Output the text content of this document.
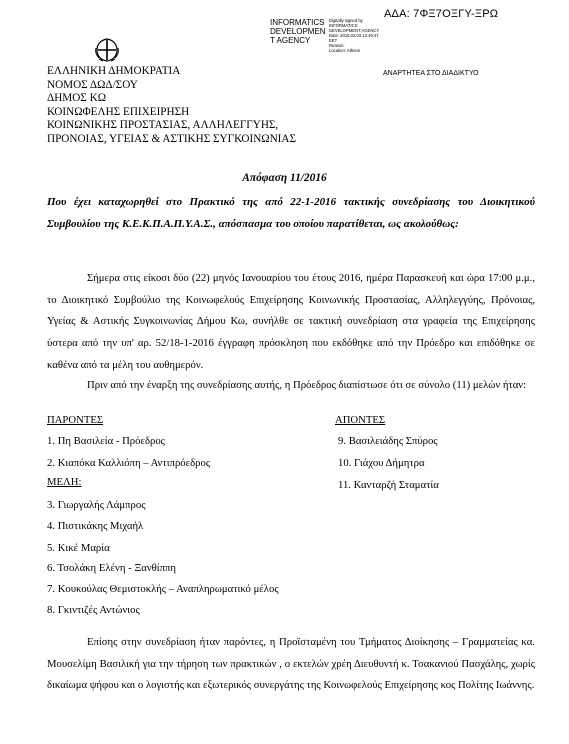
ΑΔΑ: 7ΦΞ7ΟΞΓΥ-ΞΡΩ
INFORMATICS
DEVELOPMEN
T AGENCY
Digitally signed by
INFORMATICS
DEVELOPMENT AGENCY
Date: 2016.02.03 12:46:47
EET
Reason:
Location: Athens
ΕΛΛΗΝΙΚΗ ΔΗΜΟΚΡΑΤΙΑ
ΝΟΜΟΣ ΔΩΔ/ΣΟΥ
ΔΗΜΟΣ ΚΩ
ΚΟΙΝΩΦΕΛΗΣ ΕΠΙΧΕΙΡΗΣΗ
ΚΟΙΝΩΝΙΚΗΣ ΠΡΟΣΤΑΣΙΑΣ, ΑΛΛΗΛΕΓΓΥΗΣ,
ΠΡΟΝΟΙΑΣ, ΥΓΕΙΑΣ & ΑΣΤΙΚΗΣ ΣΥΓΚΟΙΝΩΝΙΑΣ
ΑΝΑΡΤΗΤΕΑ ΣΤΟ ΔΙΑΔΙΚΤΥΟ
Απόφαση 11/2016
Που έχει καταχωρηθεί στο Πρακτικό της από 22-1-2016 τακτικής συνεδρίασης του Διοικητικού Συμβουλίου της Κ.Ε.Κ.Π.Α.Π.Υ.Α.Σ., απόσπασμα του οποίου παρατίθεται, ως ακολούθως:
Σήμερα στις είκοσι δύο (22) μηνός Ιανουαρίου του έτους 2016, ημέρα Παρασκευή και ώρα 17:00 μ.μ., το Διοικητικό Συμβούλιο της Κοινωφελούς Επιχείρησης Κοινωνικής Προστασίας, Αλληλεγγύης, Πρόνοιας, Υγείας & Αστικής Συγκοινωνίας Δήμου Κω, συνήλθε σε τακτική συνεδρίαση στα γραφεία της Επιχείρησης ύστερα από την υπ' αρ. 52/18-1-2016 έγγραφη πρόσκληση που εκδόθηκε από την Πρόεδρο και επιδόθηκε σε καθένα από τα μέλη του αυθημερόν.
Πριν από την έναρξη της συνεδρίασης αυτής, η Πρόεδρος διαπίστωσε ότι σε σύνολο (11) μελών ήταν:
ΠΑΡΟΝΤΕΣ	ΑΠΟΝΤΕΣ
1. Πη Βασιλεία - Πρόεδρος
2. Κιαπόκα Καλλιόπη – Αντιπρόεδρος
9. Βασιλειάδης Σπύρος
10. Γιάχου Δήμητρα
11. Κανταρζή Σταματία
ΜΕΛΗ:
3. Γιωργαλής Λάμπρος
4. Πιστικάκης Μιχαήλ
5. Κικέ Μαρία
6. Τσολάκη Ελένη - Ξανθίππη
7. Κουκούλας Θεμιστοκλής – Αναπληρωματικό μέλος
8. Γκιντιζές Αντώνιος
Επίσης στην συνεδρίαση ήταν παρόντες, η Προϊσταμένη του Τμήματος Διοίκησης – Γραμματείας κα. Μουσελίμη Βασιλική για την τήρηση των πρακτικών , ο εκτελών χρέη Διευθυντή κ. Τσακανιού Πασχάλης, χωρίς δικαίωμα ψήφου και ο λογιστής και εξωτερικός συνεργάτης της Κοινωφελούς Επιχείρησης κος Πολίτης Ιωάννης.
